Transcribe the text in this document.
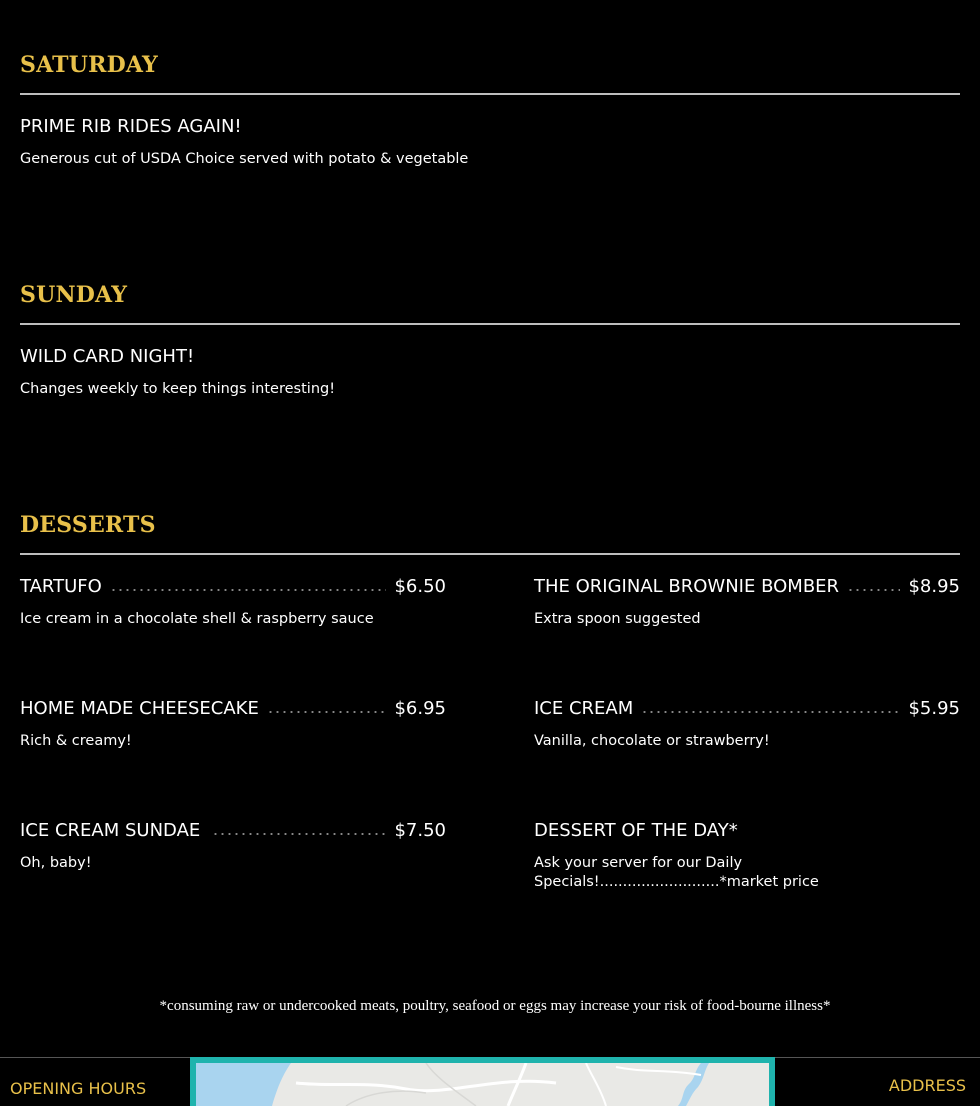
SATURDAY
PRIME RIB RIDES AGAIN!
Generous cut of USDA Choice served with potato & vegetable
SUNDAY
WILD CARD NIGHT!
Changes weekly to keep things interesting!
DESSERTS
TARTUFO	$6.50
Ice cream in a chocolate shell & raspberry sauce
THE ORIGINAL BROWNIE BOMBER	$8.95
Extra spoon suggested
HOME MADE CHEESECAKE	$6.95
Rich & creamy!
ICE CREAM	$5.95
Vanilla, chocolate or strawberry!
ICE CREAM SUNDAE	$7.50
Oh, baby!
DESSERT OF THE DAY*
Ask your server for our Daily Specials!..........................*market price
*consuming raw or undercooked meats, poultry, seafood or eggs may increase your risk of food-bourne illness*
OPENING HOURS	ADDRESS
